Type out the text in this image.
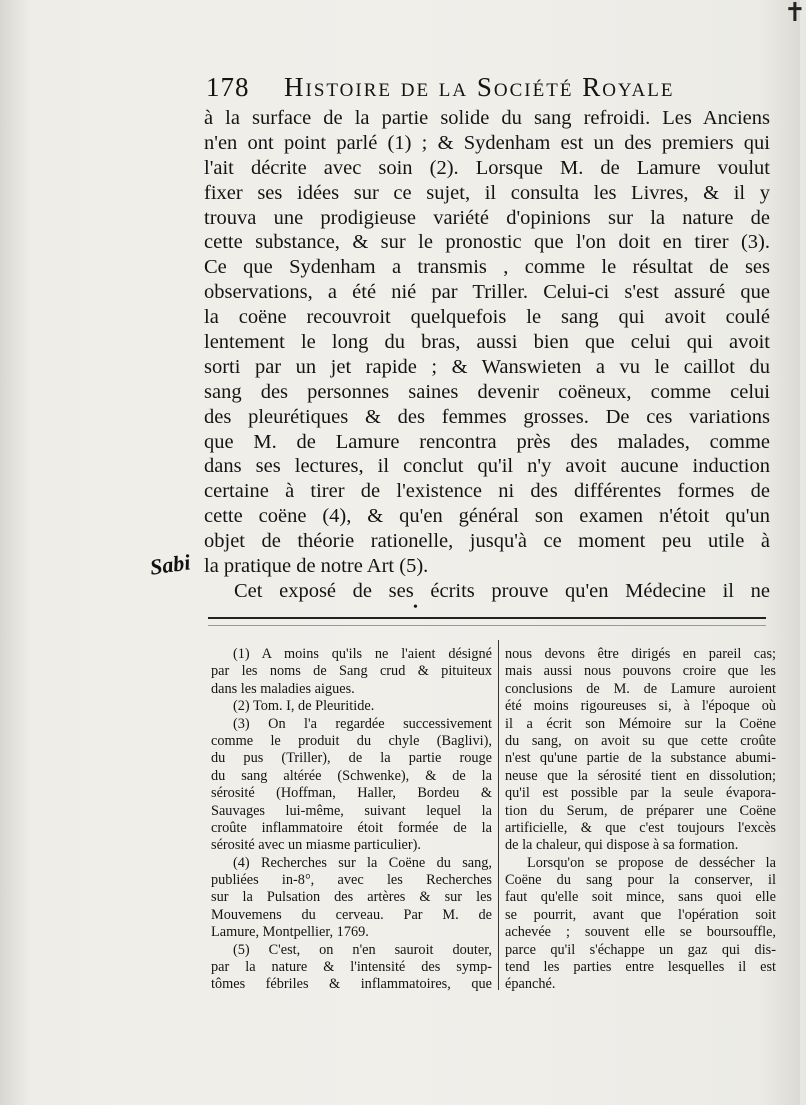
✝
178 Histoire de la Société Royale
à la surface de la partie solide du sang refroidi. Les Anciens
n'en ont point parlé (1) ; & Sydenham est un des premiers qui
l'ait décrite avec soin (2). Lorsque M. de Lamure voulut
fixer ses idées sur ce sujet, il consulta les Livres, & il y
trouva une prodigieuse variété d'opinions sur la nature de
cette substance, & sur le pronostic que l'on doit en tirer (3).
Ce que Sydenham a transmis , comme le résultat de ses
observations, a été nié par Triller. Celui-ci s'est assuré que
la coëne recouvroit quelquefois le sang qui avoit coulé
lentement le long du bras, aussi bien que celui qui avoit
sorti par un jet rapide ; & Wanswieten a vu le caillot du
sang des personnes saines devenir coëneux, comme celui
des pleurétiques & des femmes grosses. De ces variations
que M. de Lamure rencontra près des malades, comme
dans ses lectures, il conclut qu'il n'y avoit aucune induction
certaine à tirer de l'existence ni des différentes formes de
cette coëne (4), & qu'en général son examen n'étoit qu'un
objet de théorie rationelle, jusqu'à ce moment peu utile à
la pratique de notre Art (5).
Cet exposé de ses écrits prouve qu'en Médecine il ne
Sabi
•
(1) A moins qu'ils ne l'aient désigné
par les noms de Sang crud & pituiteux
dans les maladies aigues.
(2) Tom. I, de Pleuritide.
(3) On l'a regardée successivement
comme le produit du chyle (Baglivi),
du pus (Triller), de la partie rouge
du sang altérée (Schwenke), & de la
sérosité (Hoffman, Haller, Bordeu &
Sauvages lui-même, suivant lequel la
croûte inflammatoire étoit formée de la
sérosité avec un miasme particulier).
(4) Recherches sur la Coëne du sang,
publiées in-8°, avec les Recherches
sur la Pulsation des artères & sur les
Mouvemens du cerveau. Par M. de
Lamure, Montpellier, 1769.
(5) C'est, on n'en sauroit douter,
par la nature & l'intensité des symp-
tômes fébriles & inflammatoires, que
nous devons être dirigés en pareil cas;
mais aussi nous pouvons croire que les
conclusions de M. de Lamure auroient
été moins rigoureuses si, à l'époque où
il a écrit son Mémoire sur la Coëne
du sang, on avoit su que cette croûte
n'est qu'une partie de la substance abumi-
neuse que la sérosité tient en dissolution;
qu'il est possible par la seule évapora-
tion du Serum, de préparer une Coëne
artificielle, & que c'est toujours l'excès
de la chaleur, qui dispose à sa formation.
Lorsqu'on se propose de dessécher la
Coëne du sang pour la conserver, il
faut qu'elle soit mince, sans quoi elle
se pourrit, avant que l'opération soit
achevée ; souvent elle se boursouffle,
parce qu'il s'échappe un gaz qui dis-
tend les parties entre lesquelles il est
épanché.
